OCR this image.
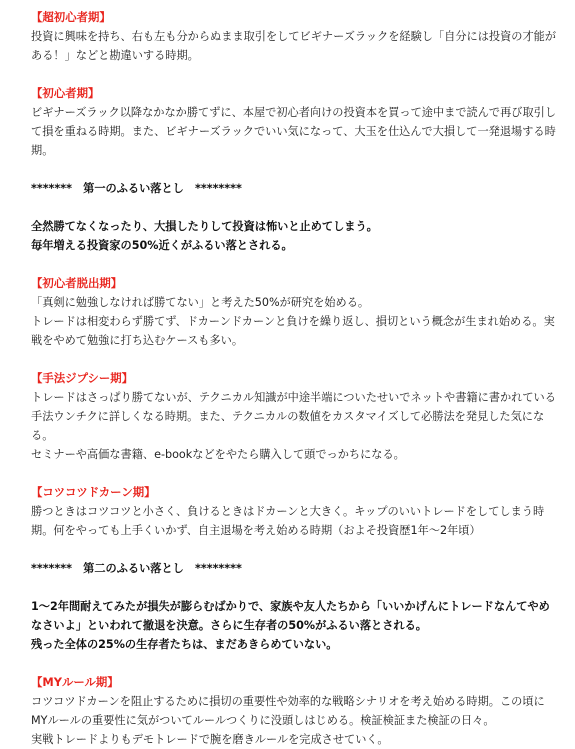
【超初心者期】

投資に興味を持ち、右も左も分からぬまま取引をしてビギナーズラックを経験し「自分には投資の才能が

ある！」などと勘違いする時期。

【初心者期】

ビギナーズラック以降なかなか勝てずに、本屋で初心者向けの投資本を買って途中まで読んで再び取引し

て損を重ねる時期。また、ビギナーズラックでいい気になって、大玉を仕込んで大損して一発退場する時

期。

*******　第一のふるい落とし　********

全然勝てなくなったり、大損したりして投資は怖いと止めてしまう。

毎年増える投資家の50%近くがふるい落とされる。

【初心者脱出期】

「真剣に勉強しなければ勝てない」と考えた50%が研究を始める。

トレードは相変わらず勝てず、ドカーンドカーンと負けを繰り返し、損切という概念が生まれ始める。実

戦をやめて勉強に打ち込むケースも多い。

【手法ジプシー期】

トレードはさっぱり勝てないが、テクニカル知識が中途半端についたせいでネットや書籍に書かれている

手法ウンチクに詳しくなる時期。また、テクニカルの数値をカスタマイズして必勝法を発見した気にな

る。

セミナーや高価な書籍、e-bookなどをやたら購入して頭でっかちになる。

【コツコツドカーン期】

勝つときはコツコツと小さく、負けるときはドカーンと大きく。キップのいいトレードをしてしまう時

期。何をやっても上手くいかず、自主退場を考え始める時期（およそ投資歴1年〜2年頃）

*******　第二のふるい落とし　********

1〜2年間耐えてみたが損失が膨らむばかりで、家族や友人たちから「いいかげんにトレードなんてやめ

なさいよ」といわれて撤退を決意。さらに生存者の50%がふるい落とされる。

残った全体の25%の生存者たちは、まだあきらめていない。

【MYルール期】

コツコツドカーンを阻止するために損切の重要性や効率的な戦略シナリオを考え始める時期。この頃に

MYルールの重要性に気がついてルールつくりに没頭しはじめる。検証検証また検証の日々。

実戦トレードよりもデモトレードで腕を磨きルールを完成させていく。
